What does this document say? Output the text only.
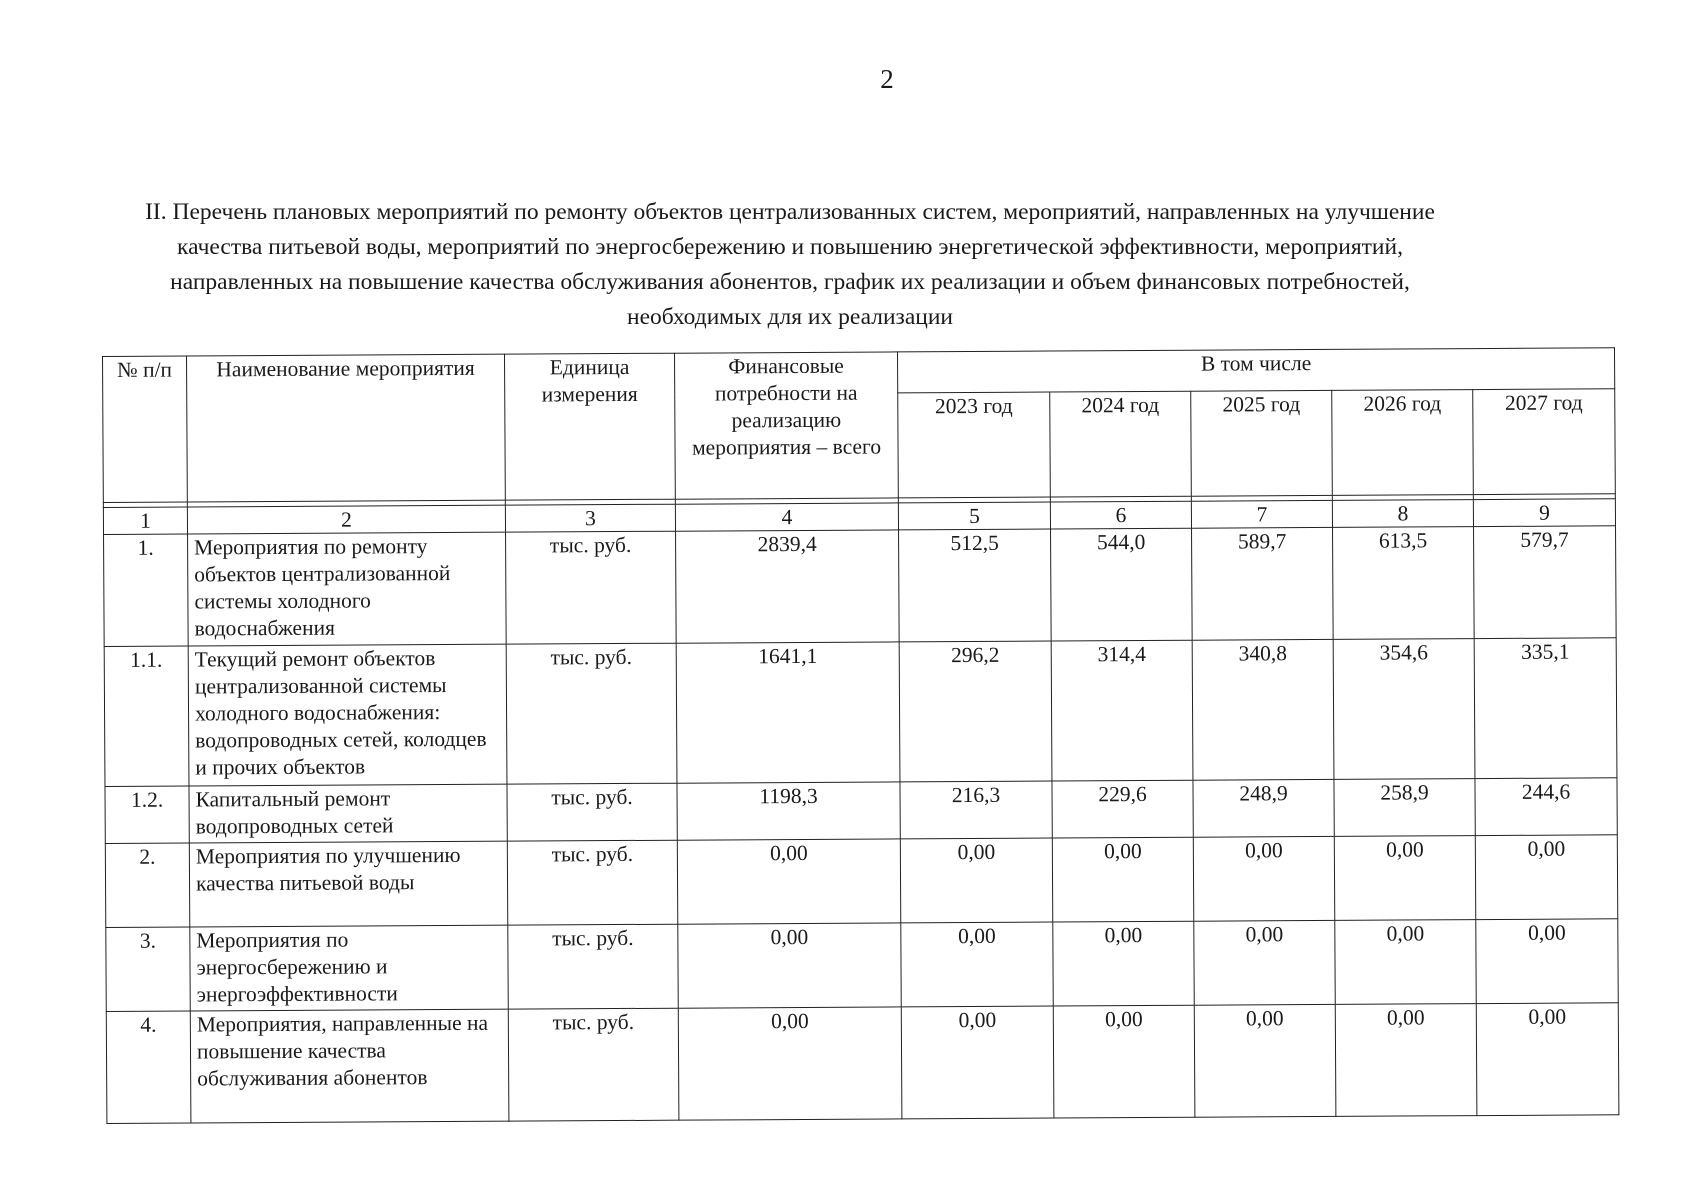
2
II. Перечень плановых мероприятий по ремонту объектов централизованных систем, мероприятий, направленных на улучшение качества питьевой воды, мероприятий по энергосбережению и повышению энергетической эффективности, мероприятий, направленных на повышение качества обслуживания абонентов, график их реализации и объем финансовых потребностей, необходимых для их реализации
№ п/п	Наименование мероприятия	Единица измерения	Финансовые потребности на реализацию мероприятия – всего	В том числе				
				2023 год	2024 год	2025 год	2026 год	2027 год

1	2	3	4	5	6	7	8	9
1.	Мероприятия по ремонту объектов централизованной системы холодного водоснабжения	тыс. руб.	2839,4	512,5	544,0	589,7	613,5	579,7
1.1.	Текущий ремонт объектов централизованной системы холодного водоснабжения: водопроводных сетей, колодцев и прочих объектов	тыс. руб.	1641,1	296,2	314,4	340,8	354,6	335,1
1.2.	Капитальный ремонт водопроводных сетей	тыс. руб.	1198,3	216,3	229,6	248,9	258,9	244,6
2.	Мероприятия по улучшению качества питьевой воды	тыс. руб.	0,00	0,00	0,00	0,00	0,00	0,00
3.	Мероприятия по энергосбережению и энергоэффективности	тыс. руб.	0,00	0,00	0,00	0,00	0,00	0,00
4.	Мероприятия, направленные на повышение качества обслуживания абонентов	тыс. руб.	0,00	0,00	0,00	0,00	0,00	0,00
